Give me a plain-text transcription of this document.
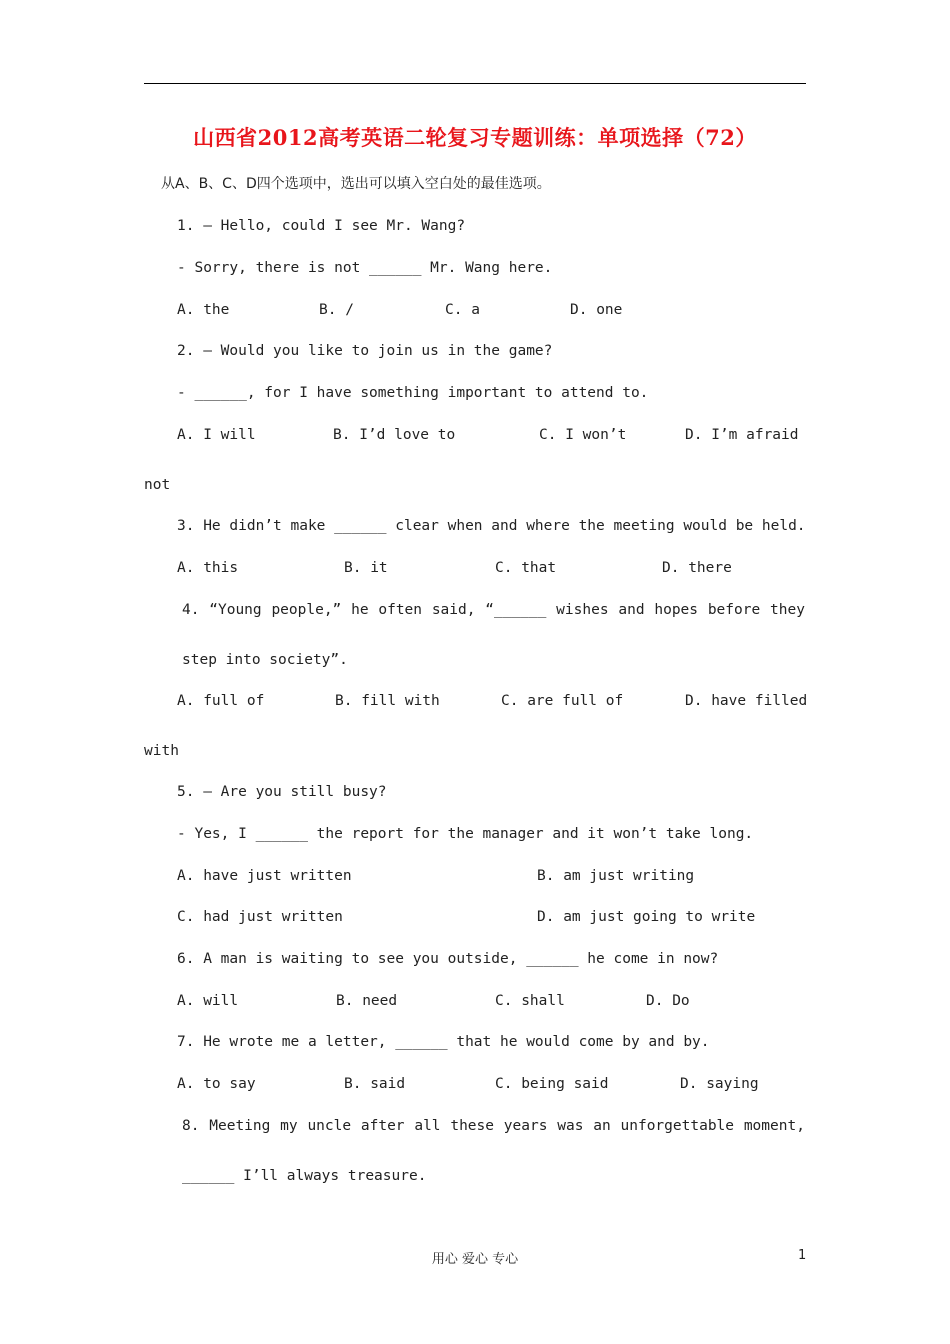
山西省2012高考英语二轮复习专题训练：单项选择（72）
从A、B、C、D四个选项中，选出可以填入空白处的最佳选项。
1. – Hello, could I see Mr. Wang?
- Sorry, there is not ______ Mr. Wang here.
A. the	B. /	C. a	D. one
2. – Would you like to join us in the game?
- ______, for I have something important to attend to.
A. I will	B. I’d love to	C. I won’t	D. I’m afraid
not
3. He didn’t make ______ clear when and where the meeting would be held.
A. this	B. it	C. that	D. there
4. “Young people,” he often said, “______ wishes and hopes before they
step into society”.
A. full of	B. fill with	C. are full of	D. have filled
with
5. – Are you still busy?
- Yes, I ______ the report for the manager and it won’t take long.
A. have just written	B. am just writing
C. had just written	D. am just going to write
6. A man is waiting to see you outside, ______ he come in now?
A. will	B. need	C. shall	D. Do
7. He wrote me a letter, ______ that he would come by and by.
A. to say	B. said	C. being said	D. saying
8. Meeting my uncle after all these years was an unforgettable moment,
______ I’ll always treasure.
用心 爱心 专心	1
